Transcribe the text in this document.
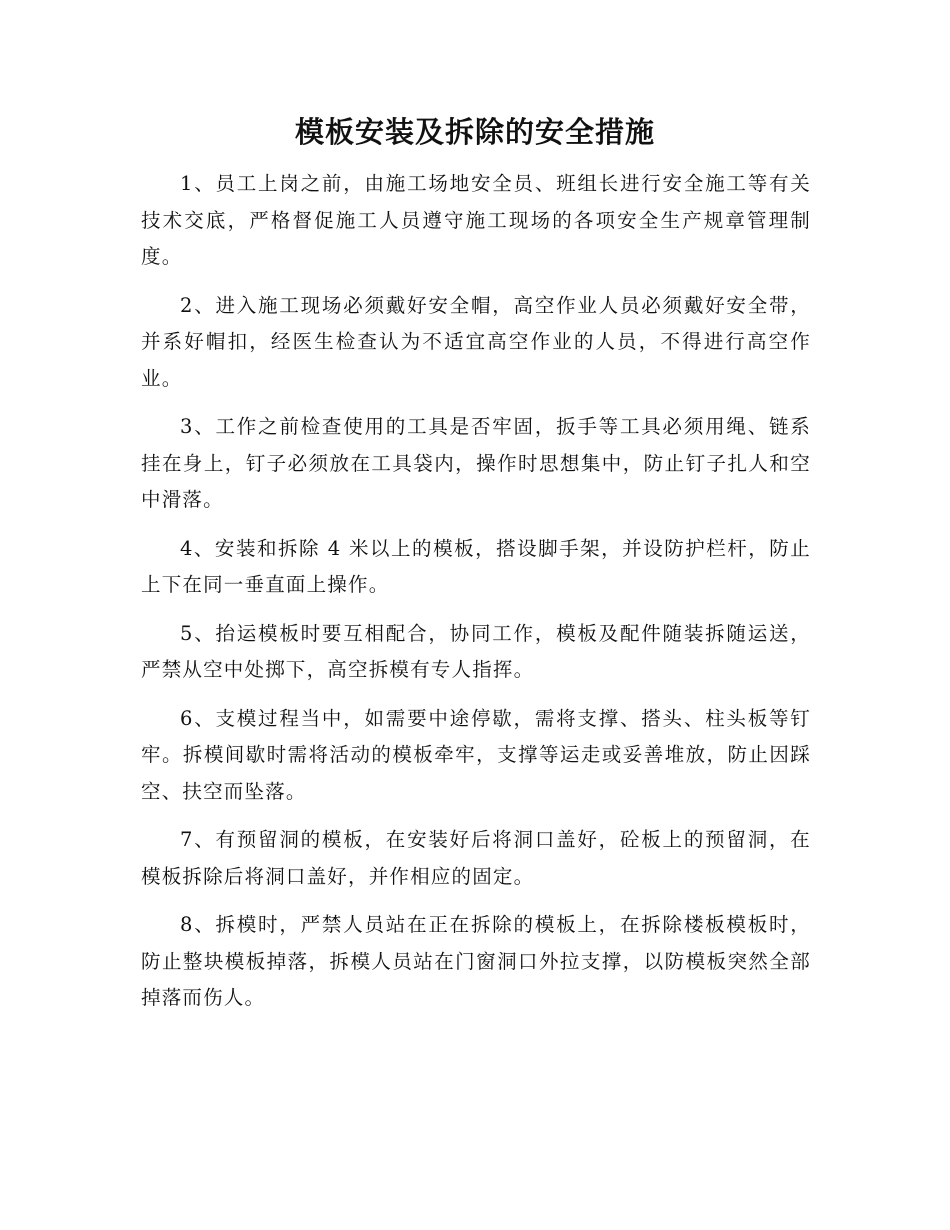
模板安装及拆除的安全措施

1、员工上岗之前，由施工场地安全员、班组长进行安全施工等有关技术交底，严格督促施工人员遵守施工现场的各项安全生产规章管理制度。

2、进入施工现场必须戴好安全帽，高空作业人员必须戴好安全带，并系好帽扣，经医生检查认为不适宜高空作业的人员，不得进行高空作业。

3、工作之前检查使用的工具是否牢固，扳手等工具必须用绳、链系挂在身上，钉子必须放在工具袋内，操作时思想集中，防止钉子扎人和空中滑落。

4、安装和拆除 4 米以上的模板，搭设脚手架，并设防护栏杆，防止上下在同一垂直面上操作。

5、抬运模板时要互相配合，协同工作，模板及配件随装拆随运送，严禁从空中处掷下，高空拆模有专人指挥。

6、支模过程当中，如需要中途停歇，需将支撑、搭头、柱头板等钉牢。拆模间歇时需将活动的模板牵牢，支撑等运走或妥善堆放，防止因踩空、扶空而坠落。

7、有预留洞的模板，在安装好后将洞口盖好，砼板上的预留洞，在模板拆除后将洞口盖好，并作相应的固定。

8、拆模时，严禁人员站在正在拆除的模板上，在拆除楼板模板时，防止整块模板掉落，拆模人员站在门窗洞口外拉支撑，以防模板突然全部掉落而伤人。
